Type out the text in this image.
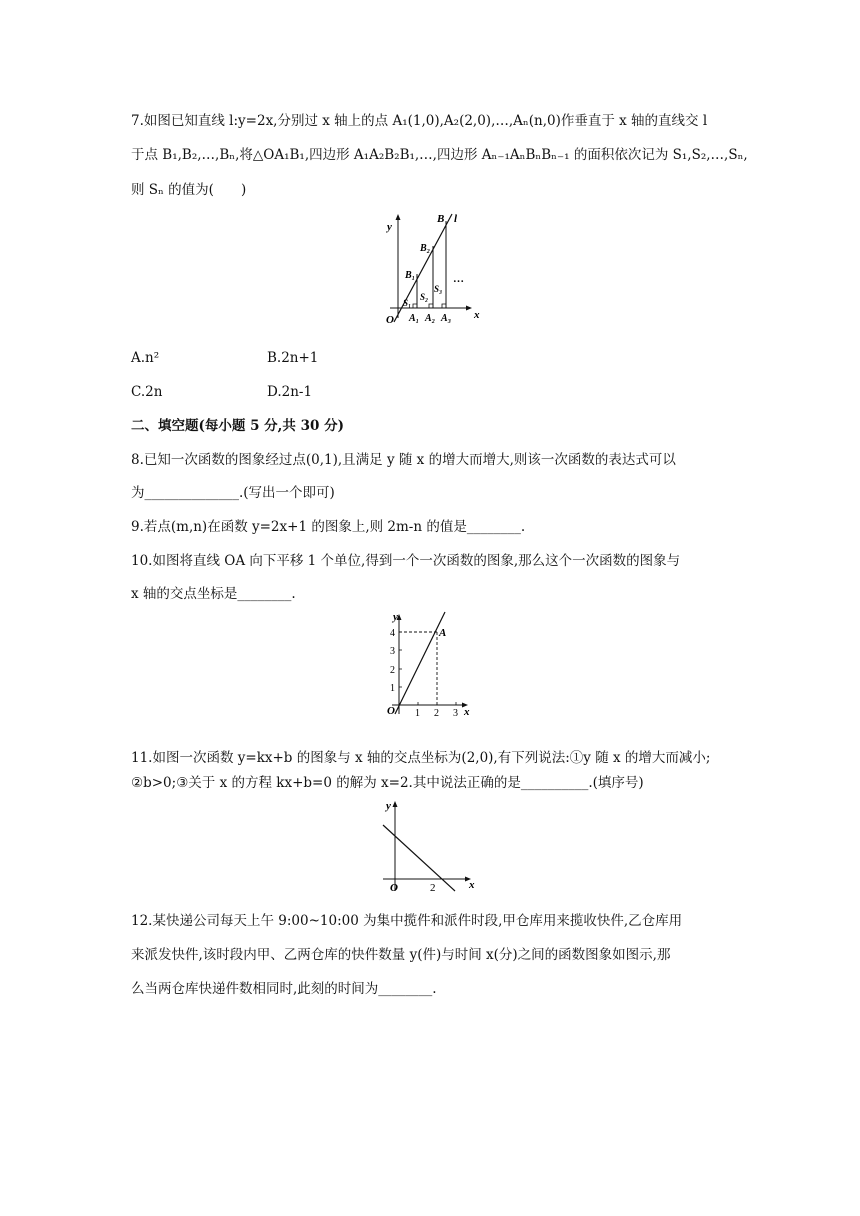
7.如图已知直线 l:y=2x,分别过 x 轴上的点 A₁(1,0),A₂(2,0),…,Aₙ(n,0)作垂直于 x 轴的直线交 l
于点 B₁,B₂,…,Bₙ,将△OA₁B₁,四边形 A₁A₂B₂B₁,…,四边形 Aₙ₋₁AₙBₙBₙ₋₁ 的面积依次记为 S₁,S₂,…,Sₙ,
则 Sₙ 的值为(　　)
y
x
O
B l
B₂
B₁
S₁
S₂
S₃
…
A₁ A₂ A₃
A.n²	B.2n+1
C.2n	D.2n-1
二、填空题(每小题 5 分,共 30 分)
8.已知一次函数的图象经过点(0,1),且满足 y 随 x 的增大而增大,则该一次函数的表达式可以
为______________.(写出一个即可)
9.若点(m,n)在函数 y=2x+1 的图象上,则 2m-n 的值是________.
10.如图将直线 OA 向下平移 1 个单位,得到一个一次函数的图象,那么这个一次函数的图象与
x 轴的交点坐标是________.
y
x
O
A
1
2
3
4
1 2 3
11.如图一次函数 y=kx+b 的图象与 x 轴的交点坐标为(2,0),有下列说法:①y 随 x 的增大而减小;
②b>0;③关于 x 的方程 kx+b=0 的解为 x=2.其中说法正确的是__________.(填序号)
y
x
O	2
12.某快递公司每天上午 9:00~10:00 为集中揽件和派件时段,甲仓库用来揽收快件,乙仓库用
来派发快件,该时段内甲、乙两仓库的快件数量 y(件)与时间 x(分)之间的函数图象如图示,那
么当两仓库快递件数相同时,此刻的时间为________.
